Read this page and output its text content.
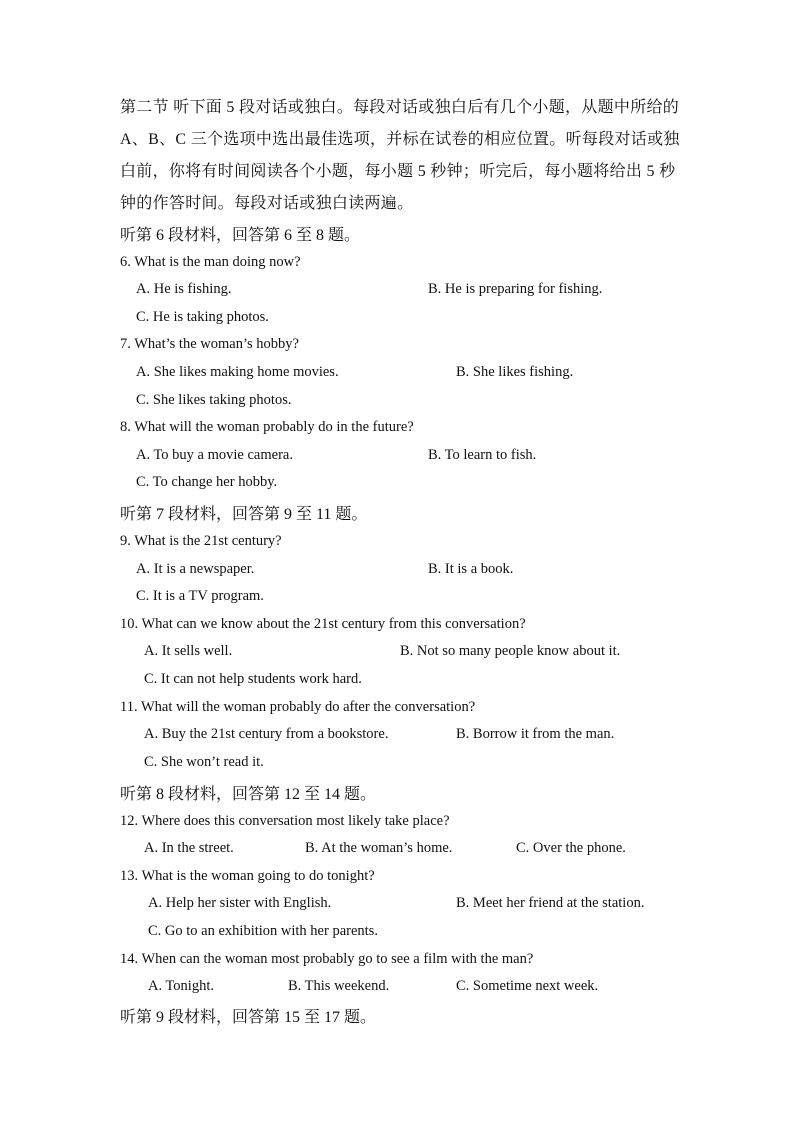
第二节 听下面 5 段对话或独白。每段对话或独白后有几个小题，从题中所给的 A、B、C 三个选项中选出最佳选项，并标在试卷的相应位置。听每段对话或独白前，你将有时间阅读各个小题，每小题 5 秒钟；听完后，每小题将给出 5 秒钟的作答时间。每段对话或独白读两遍。
听第 6 段材料，回答第 6 至 8 题。
6. What is the man doing now?
A. He is fishing.	B. He is preparing for fishing.
C. He is taking photos.
7. What’s the woman’s hobby?
A. She likes making home movies.	B. She likes fishing.
C. She likes taking photos.
8. What will the woman probably do in the future?
A. To buy a movie camera.	B. To learn to fish.
C. To change her hobby.
听第 7 段材料，回答第 9 至 11 题。
9. What is the 21st century?
A. It is a newspaper.	B. It is a book.
C. It is a TV program.
10. What can we know about the 21st century from this conversation?
A. It sells well.	B. Not so many people know about it.
C. It can not help students work hard.
11. What will the woman probably do after the conversation?
A. Buy the 21st century from a bookstore.	B. Borrow it from the man.
C. She won’t read it.
听第 8 段材料，回答第 12 至 14 题。
12. Where does this conversation most likely take place?
A. In the street.	B. At the woman’s home.	C. Over the phone.
13. What is the woman going to do tonight?
A. Help her sister with English.	B. Meet her friend at the station.
C. Go to an exhibition with her parents.
14. When can the woman most probably go to see a film with the man?
A. Tonight.	B. This weekend.	C. Sometime next week.
听第 9 段材料，回答第 15 至 17 题。
